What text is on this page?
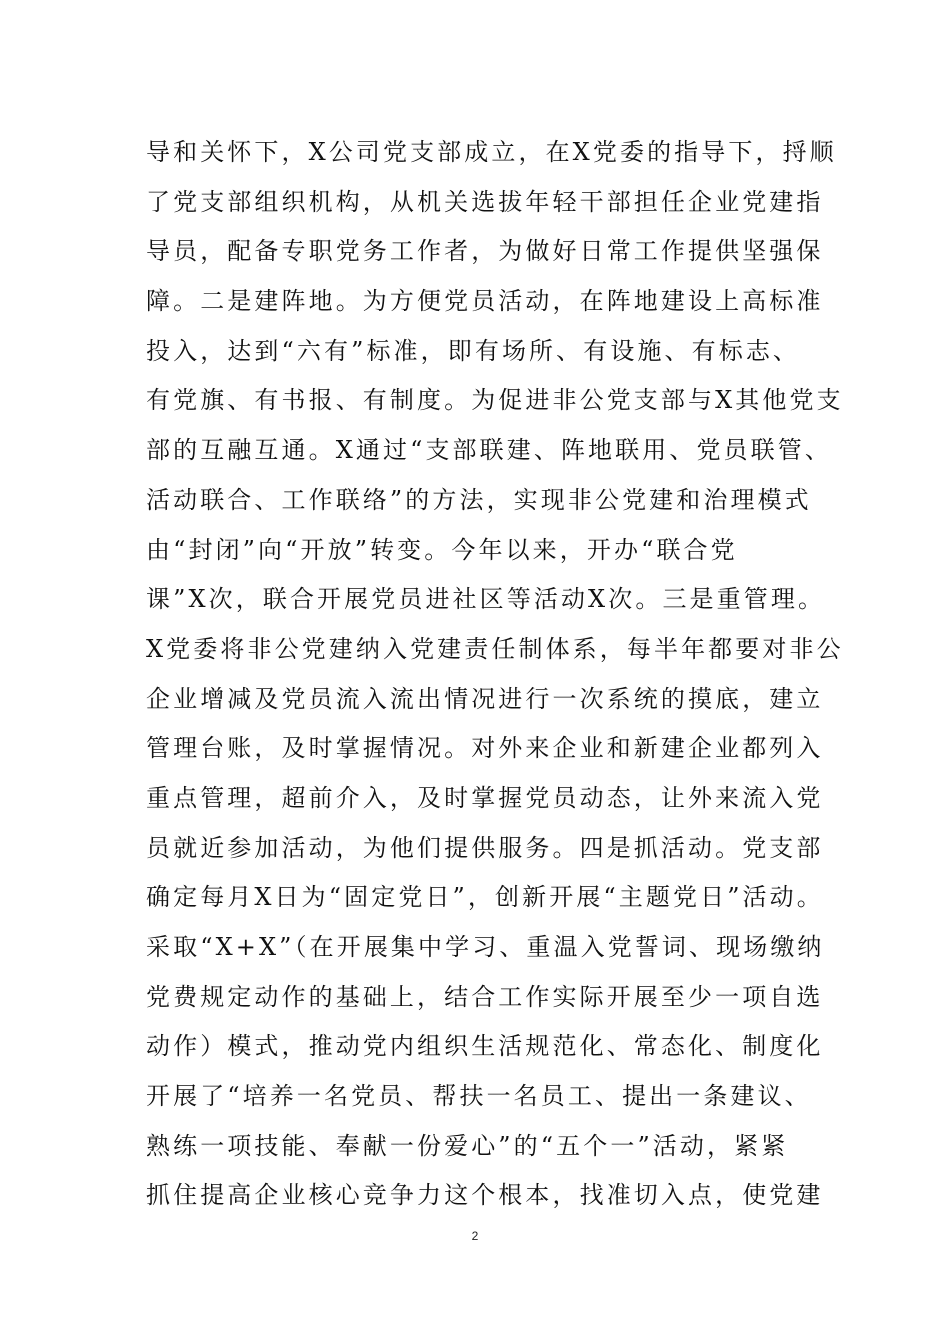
导和关怀下，X公司党支部成立，在X党委的指导下，捋顺
了党支部组织机构，从机关选拔年轻干部担任企业党建指
导员，配备专职党务工作者，为做好日常工作提供坚强保
障。二是建阵地。为方便党员活动，在阵地建设上高标准
投入，达到“六有”标准，即有场所、有设施、有标志、
有党旗、有书报、有制度。为促进非公党支部与X其他党支
部的互融互通。X通过“支部联建、阵地联用、党员联管、
活动联合、工作联络”的方法，实现非公党建和治理模式
由“封闭”向“开放”转变。今年以来，开办“联合党
课”X次，联合开展党员进社区等活动X次。三是重管理。
X党委将非公党建纳入党建责任制体系，每半年都要对非公
企业增减及党员流入流出情况进行一次系统的摸底，建立
管理台账，及时掌握情况。对外来企业和新建企业都列入
重点管理，超前介入，及时掌握党员动态，让外来流入党
员就近参加活动，为他们提供服务。四是抓活动。党支部
确定每月X日为“固定党日”，创新开展“主题党日”活动。
采取“X+X”（在开展集中学习、重温入党誓词、现场缴纳
党费规定动作的基础上，结合工作实际开展至少一项自选
动作）模式，推动党内组织生活规范化、常态化、制度化
开展了“培养一名党员、帮扶一名员工、提出一条建议、
熟练一项技能、奉献一份爱心”的“五个一”活动，紧紧
抓住提高企业核心竞争力这个根本，找准切入点，使党建
2
